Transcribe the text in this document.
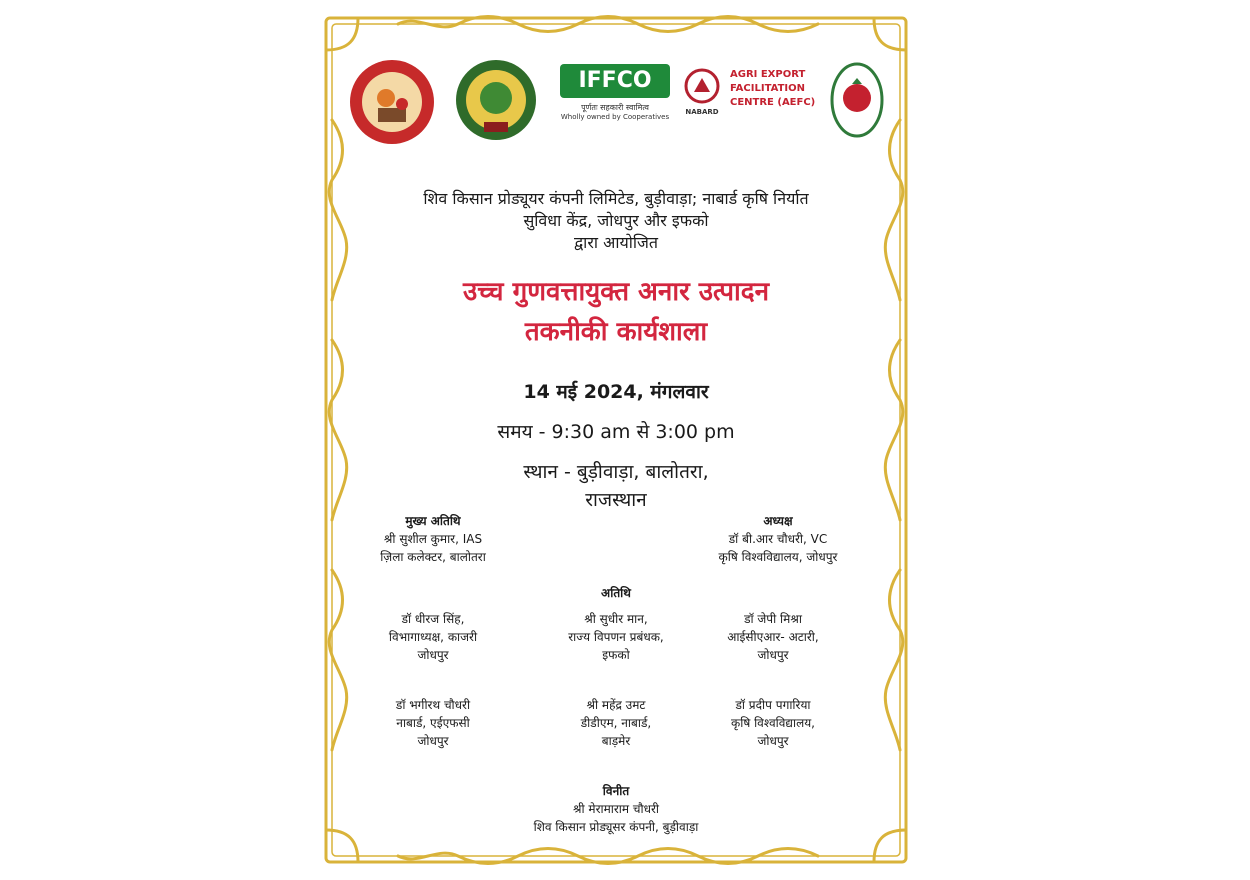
IFFCO
पूर्णतः सहकारी स्वामित्व
Wholly owned by Cooperatives
NABARD
AGRI EXPORT
FACILITATION
CENTRE (AEFC)
शिव किसान प्रोड्यूयर कंपनी लिमिटेड, बुड़ीवाड़ा; नाबार्ड कृषि निर्यात
सुविधा केंद्र, जोधपुर और इफको
द्वारा आयोजित
उच्च गुणवत्तायुक्त अनार उत्पादन
तकनीकी कार्यशाला
14 मई 2024, मंगलवार
समय - 9:30 am से 3:00 pm
स्थान - बुड़ीवाड़ा, बालोतरा,
राजस्थान
मुख्य अतिथि
श्री सुशील कुमार, IAS
ज़िला कलेक्टर, बालोतरा
अध्यक्ष
डॉ बी.आर चौधरी, VC
कृषि विश्वविद्यालय, जोधपुर
अतिथि
डॉ धीरज सिंह,
विभागाध्यक्ष, काजरी
जोधपुर
श्री सुधीर मान,
राज्य विपणन प्रबंधक,
इफको
डॉ जेपी मिश्रा
आईसीएआर- अटारी,
जोधपुर
डॉ भगीरथ चौधरी
नाबार्ड, एईएफसी
जोधपुर
श्री महेंद्र उमट
डीडीएम, नाबार्ड,
बाड़मेर
डॉ प्रदीप पगारिया
कृषि विश्वविद्यालय,
जोधपुर
विनीत
श्री मेरामाराम चौधरी
शिव किसान प्रोड्यूसर कंपनी, बुड़ीवाड़ा
